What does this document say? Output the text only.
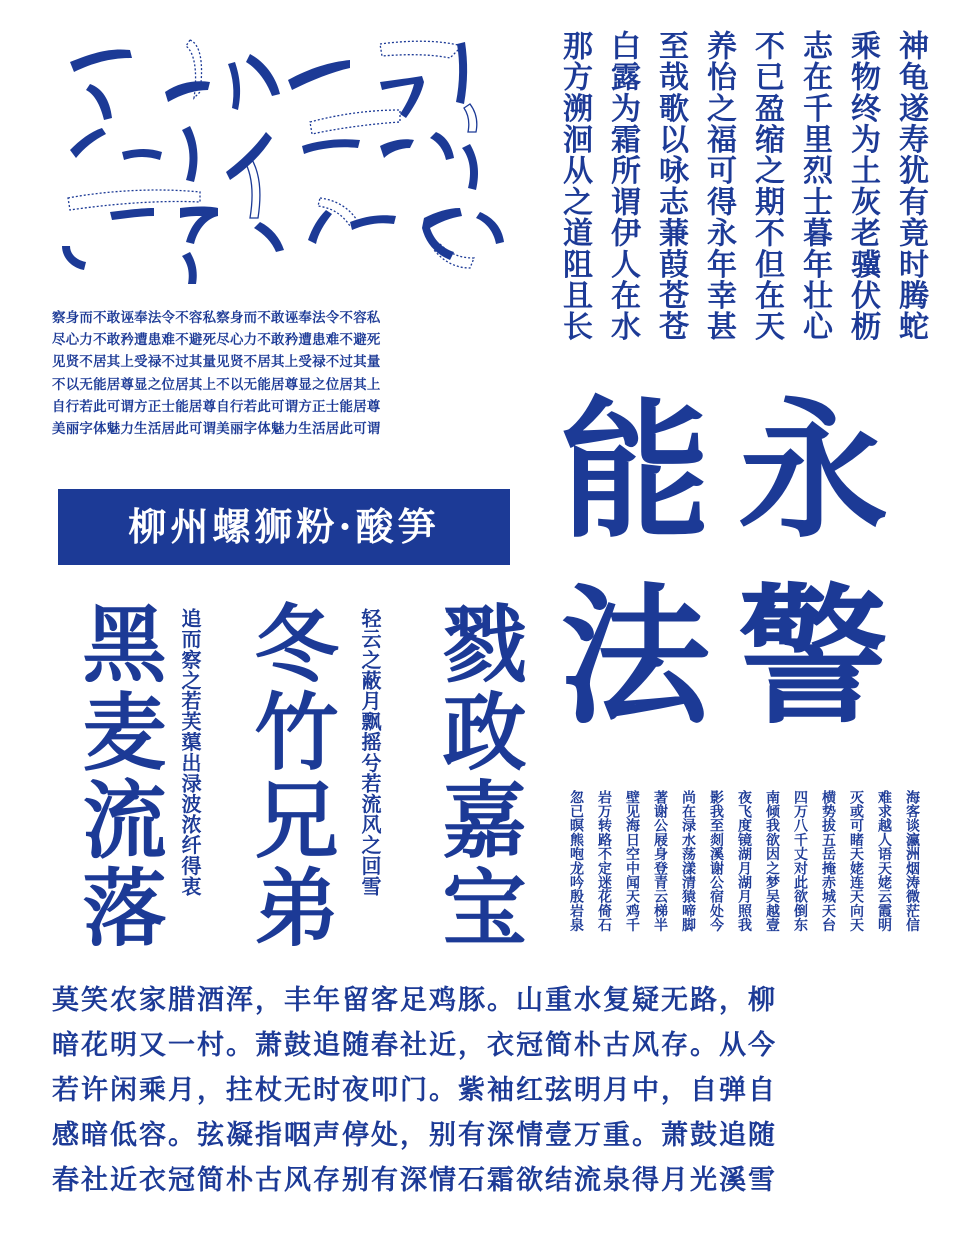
神龟遂寿犹有竟时腾蛇
乘物终为土灰老骥伏枥
志在千里烈士暮年壮心
不已盈缩之期不但在天
养怡之福可得永年幸甚
至哉歌以咏志蒹葭苍苍
白露为霜所谓伊人在水
那方溯洄从之道阻且长
察身而不敢诬奉法令不容私察身而不敢诬奉法令不容私
尽心力不敢矜遭患难不避死尽心力不敢矜遭患难不避死
见贤不居其上受禄不过其量见贤不居其上受禄不过其量
不以无能居尊显之位居其上不以无能居尊显之位居其上
自行若此可谓方正士能居尊自行若此可谓方正士能居尊
美丽字体魅力生活居此可谓美丽字体魅力生活居此可谓
柳州螺狮粉·酸笋 能永
法警
黑麦流落 追而察之若芙蕖出渌波浓纤得衷 冬竹兄弟 轻云之蔽月飘摇兮若流风之回雪 戮政嘉宝	海客谈瀛洲烟涛微茫信
难求越人语天姥云霞明
灭或可睹天姥连天向天
横势拔五岳掩赤城天台
四万八千丈对此欲倒东
南倾我欲因之梦吴越壹
夜飞度镜湖月湖月照我
影我至剡溪谢公宿处今
尚在渌水荡漾清猿啼脚
著谢公屐身登青云梯半
壁见海日空中闻天鸡千
岩万转路不定迷花倚石
忽已暝熊咆龙吟殷岩泉
莫笑农家腊酒浑，丰年留客足鸡豚。山重水复疑无路，柳
暗花明又一村。萧鼓追随春社近，衣冠简朴古风存。从今
若许闲乘月，拄杖无时夜叩门。紫袖红弦明月中，自弹自
感暗低容。弦凝指咽声停处，别有深情壹万重。萧鼓追随
春社近衣冠简朴古风存别有深情石霜欲结流泉得月光溪雪
